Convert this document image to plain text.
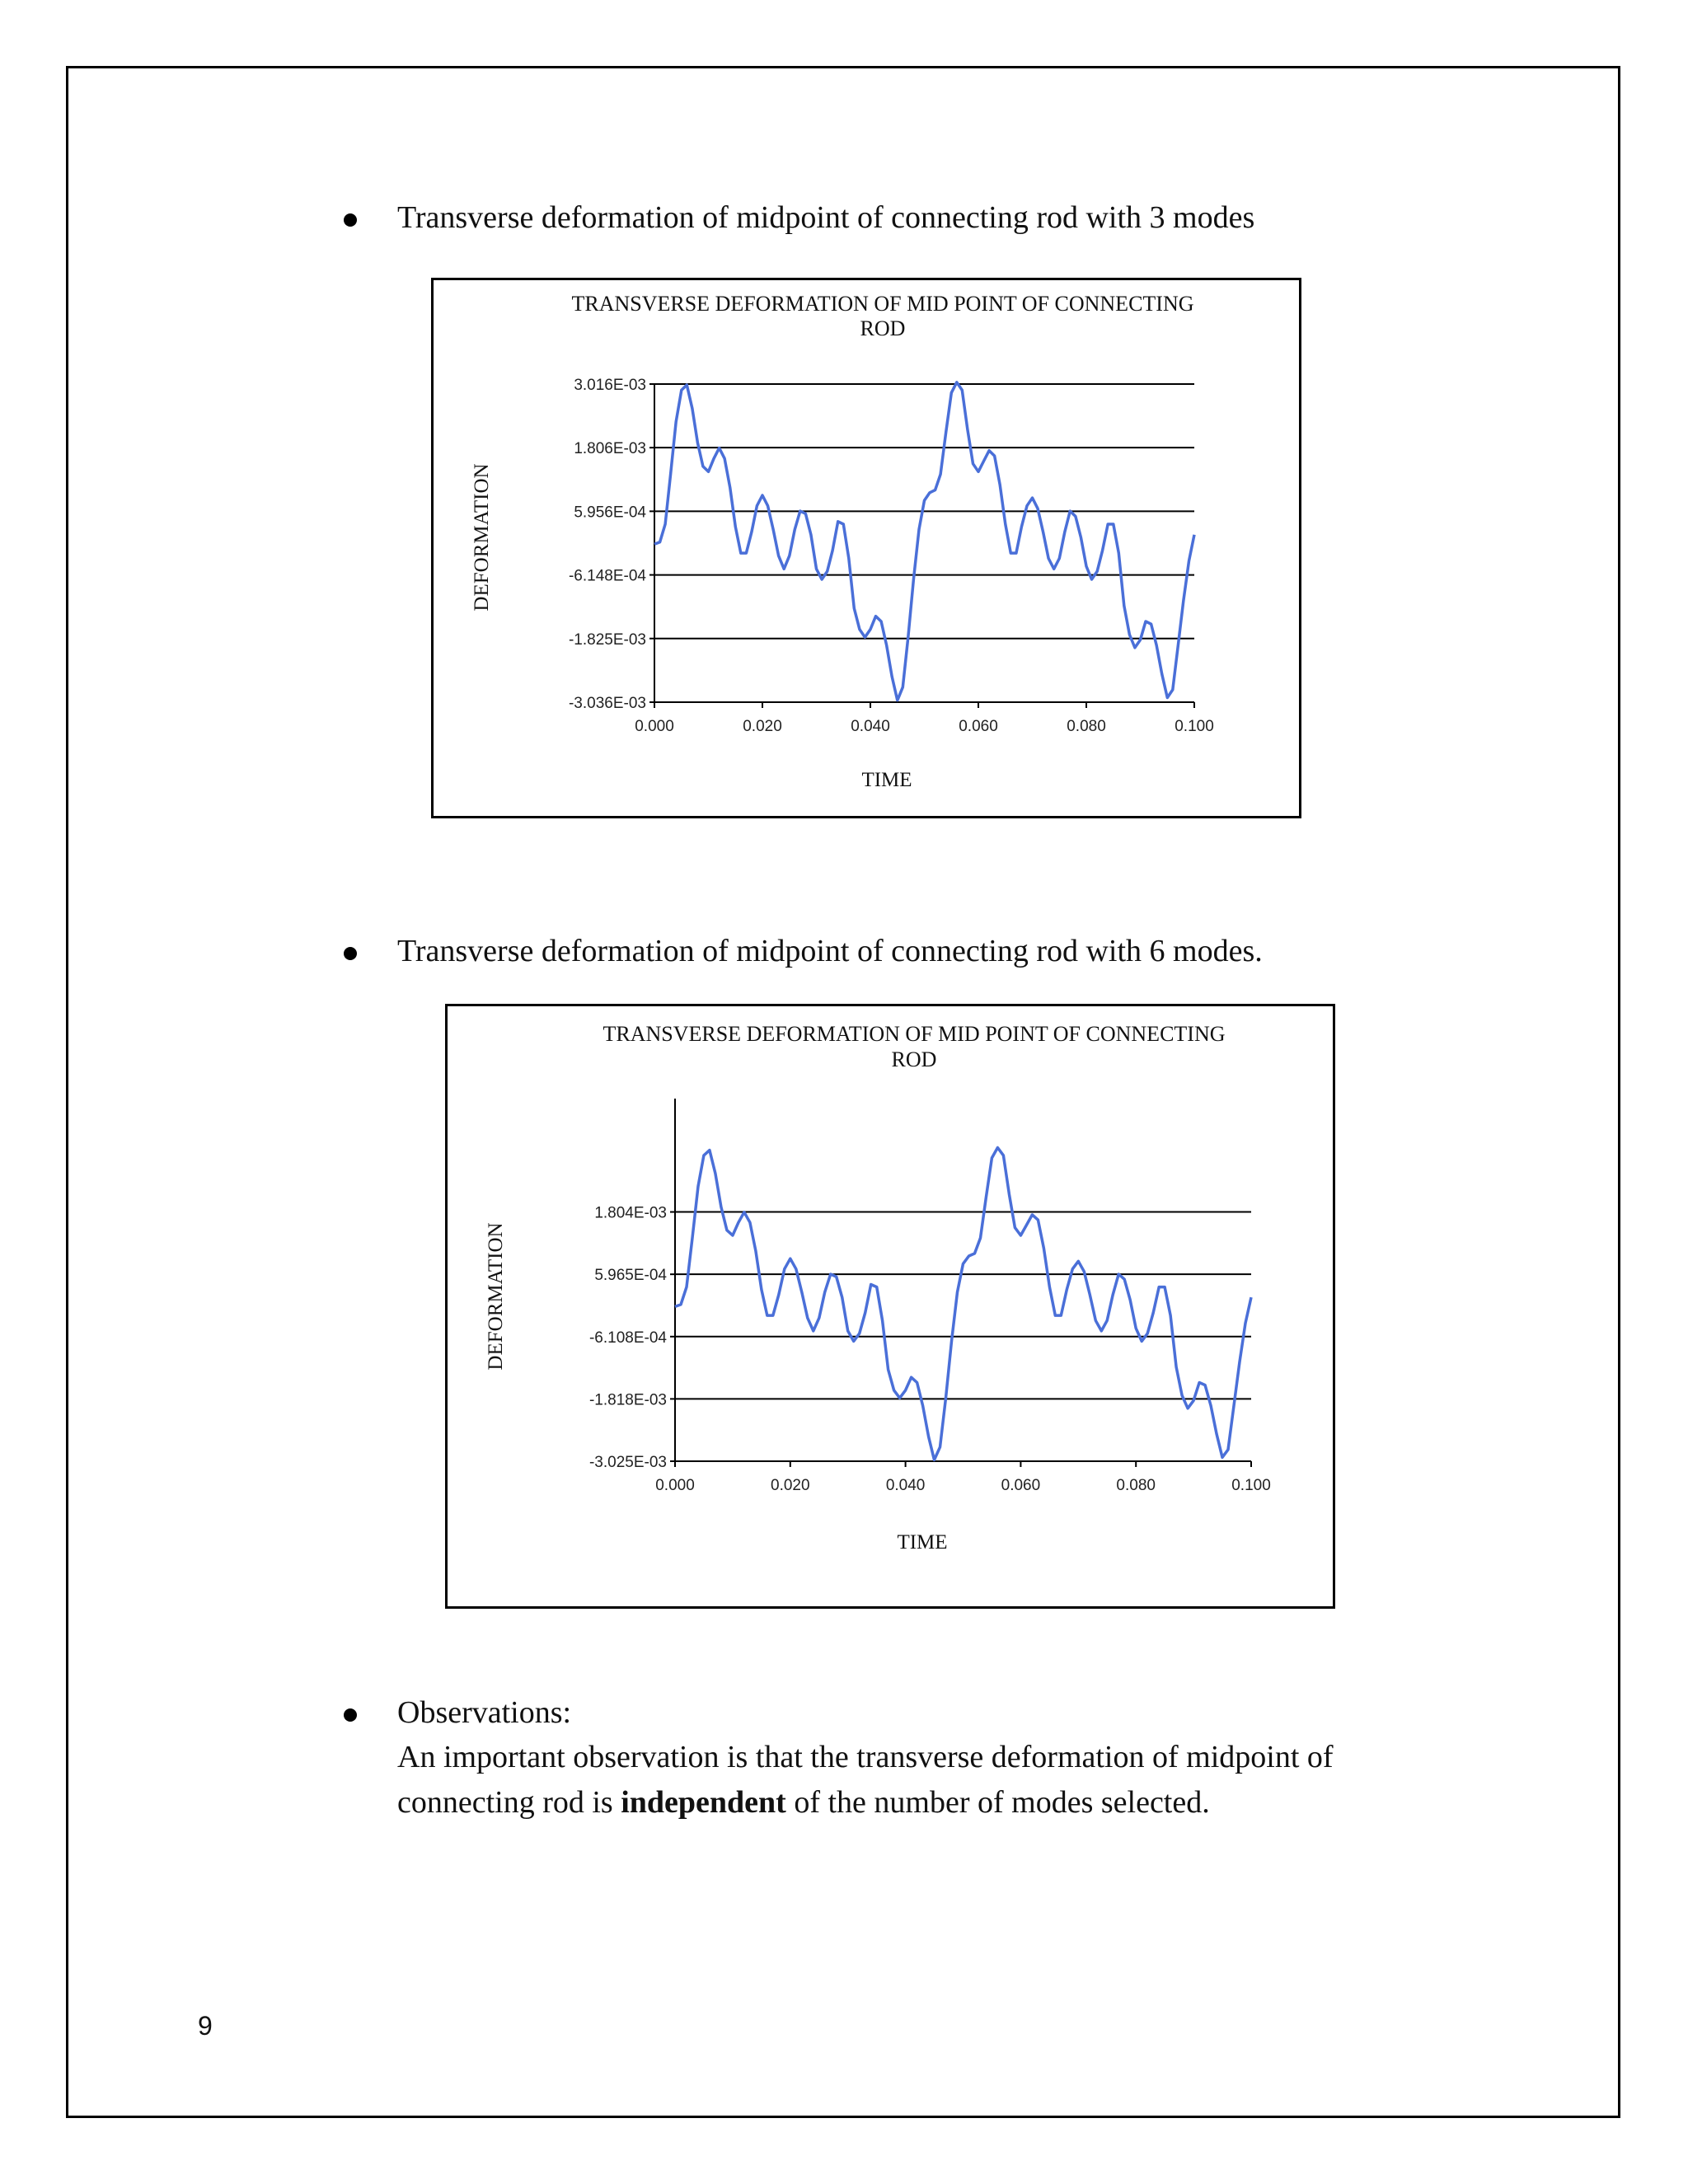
Transverse deformation of midpoint of connecting rod with 3 modes
TRANSVERSE DEFORMATION OF MID POINT OF CONNECTING
ROD
3.016E-03
1.806E-03
5.956E-04
-6.148E-04
-1.825E-03
-3.036E-03
0.000	0.020	0.040	0.060	0.080	0.100
TIME
DEFORMATION
Transverse deformation of midpoint of connecting rod with 6 modes.
TRANSVERSE DEFORMATION OF MID POINT OF CONNECTING
ROD
1.804E-03
5.965E-04
-6.108E-04
-1.818E-03
-3.025E-03
0.000	0.020	0.040	0.060	0.080	0.100
TIME
DEFORMATION
Observations:
An important observation is that the transverse deformation of midpoint of
connecting rod is independent of the number of modes selected.
9
